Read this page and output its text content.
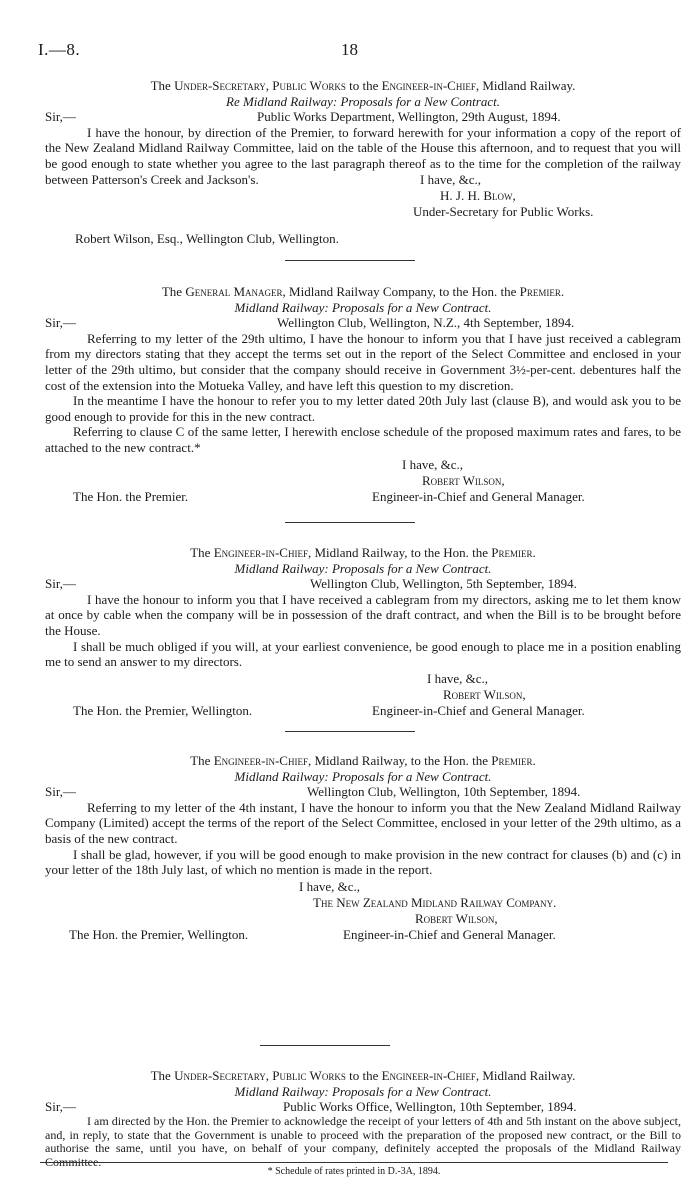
I.—8.	18
The Under-Secretary, Public Works to the Engineer-in-Chief, Midland Railway.
Re Midland Railway: Proposals for a New Contract.
Sir,—	Public Works Department, Wellington, 29th August, 1894.

I have the honour, by direction of the Premier, to forward herewith for your information a copy of the report of the New Zealand Midland Railway Committee, laid on the table of the House this afternoon, and to request that you will be good enough to state whether you agree to the last paragraph thereof as to the time for the completion of the railway between Patterson's Creek and Jackson's.	I have, &c.,
H. J. H. Blow,
Under-Secretary for Public Works.
Robert Wilson, Esq., Wellington Club, Wellington.
The General Manager, Midland Railway Company, to the Hon. the Premier.
Midland Railway: Proposals for a New Contract.
Sir,—	Wellington Club, Wellington, N.Z., 4th September, 1894.

Referring to my letter of the 29th ultimo, I have the honour to inform you that I have just received a cablegram from my directors stating that they accept the terms set out in the report of the Select Committee and enclosed in your letter of the 29th ultimo, but consider that the company should receive in Government 3½-per-cent. debentures half the cost of the extension into the Motueka Valley, and have left this question to my discretion.

In the meantime I have the honour to refer you to my letter dated 20th July last (clause B), and would ask you to be good enough to provide for this in the new contract.

Referring to clause C of the same letter, I herewith enclose schedule of the proposed maximum rates and fares, to be attached to the new contract.*

I have, &c.,
Robert Wilson,
Engineer-in-Chief and General Manager.
The Hon. the Premier.
The Engineer-in-Chief, Midland Railway, to the Hon. the Premier.
Midland Railway: Proposals for a New Contract.
Sir,—	Wellington Club, Wellington, 5th September, 1894.

I have the honour to inform you that I have received a cablegram from my directors, asking me to let them know at once by cable when the company will be in possession of the draft contract, and when the Bill is to be brought before the House.

I shall be much obliged if you will, at your earliest convenience, be good enough to place me in a position enabling me to send an answer to my directors.

I have, &c.,
Robert Wilson,
Engineer-in-Chief and General Manager.
The Hon. the Premier, Wellington.
The Engineer-in-Chief, Midland Railway, to the Hon. the Premier.
Midland Railway: Proposals for a New Contract.
Sir,—	Wellington Club, Wellington, 10th September, 1894.

Referring to my letter of the 4th instant, I have the honour to inform you that the New Zealand Midland Railway Company (Limited) accept the terms of the report of the Select Committee, enclosed in your letter of the 29th ultimo, as a basis of the new contract.

I shall be glad, however, if you will be good enough to make provision in the new contract for clauses (b) and (c) in your letter of the 18th July last, of which no mention is made in the report.

I have, &c.,
The New Zealand Midland Railway Company.
Robert Wilson,
Engineer-in-Chief and General Manager.
The Hon. the Premier, Wellington.
The Under-Secretary, Public Works to the Engineer-in-Chief, Midland Railway.
Midland Railway: Proposals for a New Contract.
Sir,—	Public Works Office, Wellington, 10th September, 1894.

I am directed by the Hon. the Premier to acknowledge the receipt of your letters of 4th and 5th instant on the above subject, and, in reply, to state that the Government is unable to proceed with the preparation of the proposed new contract, or the Bill to authorise the same, until you have, on behalf of your company, definitely accepted the proposals of the Midland Railway Committee.

* Schedule of rates printed in D.-3A, 1894.
